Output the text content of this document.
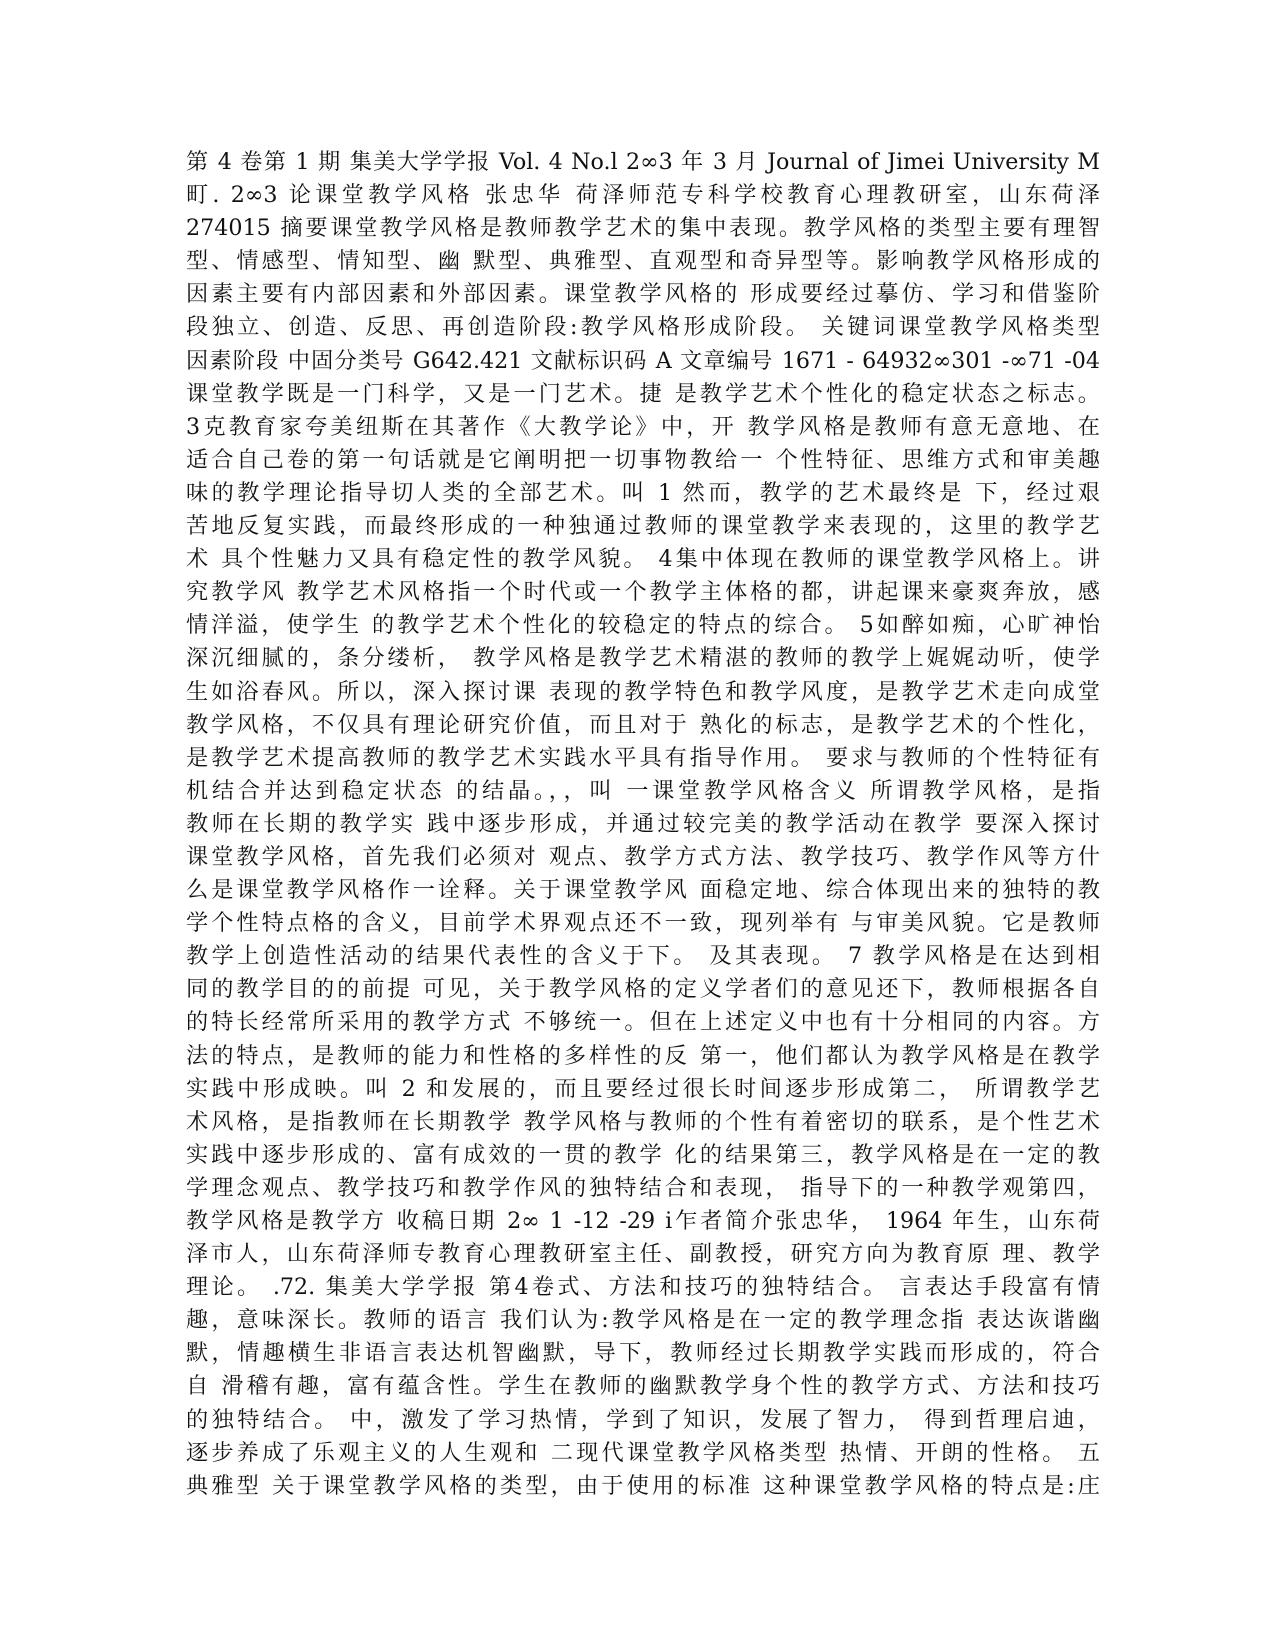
第 4 卷第 1 期 集美大学学报 Vol. 4 No.l 2∞3 年 3 月 Journal of Jimei University M
町. 2∞3 论课堂教学风格 张忠华 荷泽师范专科学校教育心理教研室，山东荷泽
274015 摘要课堂教学风格是教师教学艺术的集中表现。教学风格的类型主要有理智
型、情感型、情知型、幽 默型、典雅型、直观型和奇异型等。影响教学风格形成的
因素主要有内部因素和外部因素。课堂教学风格的 形成要经过摹仿、学习和借鉴阶
段独立、创造、反思、再创造阶段:教学风格形成阶段。 关键词课堂教学风格类型
因素阶段 中固分类号 G642.421 文献标识码 A 文章编号 1671 - 64932∞301 -∞71 -04
课堂教学既是一门科学，又是一门艺术。捷 是教学艺术个性化的稳定状态之标志。
3克教育家夸美纽斯在其著作《大教学论》中，开 教学风格是教师有意无意地、在
适合自己卷的第一句话就是它阐明把一切事物教给一 个性特征、思维方式和审美趣
味的教学理论指导切人类的全部艺术。叫 1 然而，教学的艺术最终是 下，经过艰
苦地反复实践，而最终形成的一种独通过教师的课堂教学来表现的，这里的教学艺
术 具个性魅力又具有稳定性的教学风貌。 4集中体现在教师的课堂教学风格上。讲
究教学风 教学艺术风格指一个时代或一个教学主体格的都，讲起课来豪爽奔放，感
情洋溢，使学生 的教学艺术个性化的较稳定的特点的综合。 5如醉如痴，心旷神怡
深沉细腻的，条分缕析， 教学风格是教学艺术精湛的教师的教学上娓娓动听，使学
生如浴春风。所以，深入探讨课 表现的教学特色和教学风度，是教学艺术走向成堂
教学风格，不仅具有理论研究价值，而且对于 熟化的标志，是教学艺术的个性化，
是教学艺术提高教师的教学艺术实践水平具有指导作用。 要求与教师的个性特征有
机结合并达到稳定状态 的结晶。，，叫 一课堂教学风格含义 所谓教学风格，是指
教师在长期的教学实 践中逐步形成，并通过较完美的教学活动在教学 要深入探讨
课堂教学风格，首先我们必须对 观点、教学方式方法、教学技巧、教学作风等方什
么是课堂教学风格作一诠释。关于课堂教学风 面稳定地、综合体现出来的独特的教
学个性特点格的含义，目前学术界观点还不一致，现列举有 与审美风貌。它是教师
教学上创造性活动的结果代表性的含义于下。 及其表现。 7 教学风格是在达到相
同的教学目的的前提 可见，关于教学风格的定义学者们的意见还下，教师根据各自
的特长经常所采用的教学方式 不够统一。但在上述定义中也有十分相同的内容。方
法的特点，是教师的能力和性格的多样性的反 第一，他们都认为教学风格是在教学
实践中形成映。叫 2 和发展的，而且要经过很长时间逐步形成第二， 所谓教学艺
术风格，是指教师在长期教学 教学风格与教师的个性有着密切的联系，是个性艺术
实践中逐步形成的、富有成效的一贯的教学 化的结果第三，教学风格是在一定的教
学理念观点、教学技巧和教学作风的独特结合和表现， 指导下的一种教学观第四，
教学风格是教学方 收稿日期 2∞ 1 -12 -29 i乍者简介张忠华， 1964 年生，山东荷
泽市人，山东荷泽师专教育心理教研室主任、副教授，研究方向为教育原 理、教学
理论。 .72. 集美大学学报 第4卷式、方法和技巧的独特结合。 言表达手段富有情
趣，意味深长。教师的语言 我们认为:教学风格是在一定的教学理念指 表达诙谐幽
默，情趣横生非语言表达机智幽默，导下，教师经过长期教学实践而形成的，符合
自 滑稽有趣，富有蕴含性。学生在教师的幽默教学身个性的教学方式、方法和技巧
的独特结合。 中，激发了学习热情，学到了知识，发展了智力， 得到哲理启迪，
逐步养成了乐观主义的人生观和 二现代课堂教学风格类型 热情、开朗的性格。 五
典雅型 关于课堂教学风格的类型，由于使用的标准 这种课堂教学风格的特点是:庄
